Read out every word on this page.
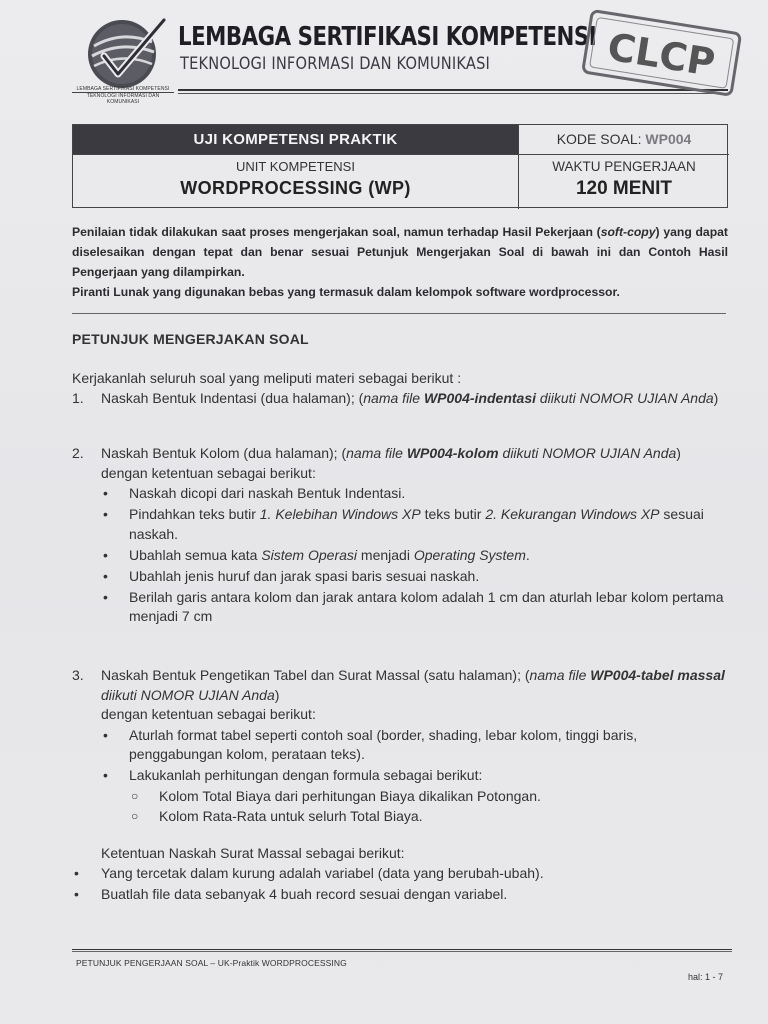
LEMBAGA SERTIFIKASI KOMPETENSI
TEKNOLOGI INFORMASI DAN KOMUNIKASI
LEMBAGA SERTIFIKASI KOMPETENSI
TEKNOLOGI INFORMASI DAN KOMUNIKASI	CLCP
UJI KOMPETENSI PRAKTIK	KODE SOAL: WP004
UNIT KOMPETENSI
WORDPROCESSING (WP)
WAKTU PENGERJAAN
120 MENIT

Penilaian tidak dilakukan saat proses mengerjakan soal, namun terhadap Hasil Pekerjaan (soft-copy) yang dapat diselesaikan dengan tepat dan benar sesuai Petunjuk Mengerjakan Soal di bawah ini dan Contoh Hasil Pengerjaan yang dilampirkan.

Piranti Lunak yang digunakan bebas yang termasuk dalam kelompok software wordprocessor.

PETUNJUK MENGERJAKAN SOAL
Kerjakanlah seluruh soal yang meliputi materi sebagai berikut :
1. Naskah Bentuk Indentasi (dua halaman); (nama file WP004-indentasi diikuti NOMOR UJIAN Anda)
2. Naskah Bentuk Kolom (dua halaman); (nama file WP004-kolom diikuti NOMOR UJIAN Anda) dengan ketentuan sebagai berikut:
• Naskah dicopi dari naskah Bentuk Indentasi.
• Pindahkan teks butir 1. Kelebihan Windows XP teks butir 2. Kekurangan Windows XP sesuai naskah.
• Ubahlah semua kata Sistem Operasi menjadi Operating System.
• Ubahlah jenis huruf dan jarak spasi baris sesuai naskah.
• Berilah garis antara kolom dan jarak antara kolom adalah 1 cm dan aturlah lebar kolom pertama menjadi 7 cm
3. Naskah Bentuk Pengetikan Tabel dan Surat Massal (satu halaman); (nama file WP004-tabel massal diikuti NOMOR UJIAN Anda)
dengan ketentuan sebagai berikut:
• Aturlah format tabel seperti contoh soal (border, shading, lebar kolom, tinggi baris, penggabungan kolom, perataan teks).
• Lakukanlah perhitungan dengan formula sebagai berikut:
○ Kolom Total Biaya dari perhitungan Biaya dikalikan Potongan.
○ Kolom Rata-Rata untuk selurh Total Biaya.
Ketentuan Naskah Surat Massal sebagai berikut:
• Yang tercetak dalam kurung adalah variabel (data yang berubah-ubah).
• Buatlah file data sebanyak 4 buah record sesuai dengan variabel.
PETUNJUK PENGERJAAN SOAL – UK-Praktik WORDPROCESSING
hal: 1 - 7
